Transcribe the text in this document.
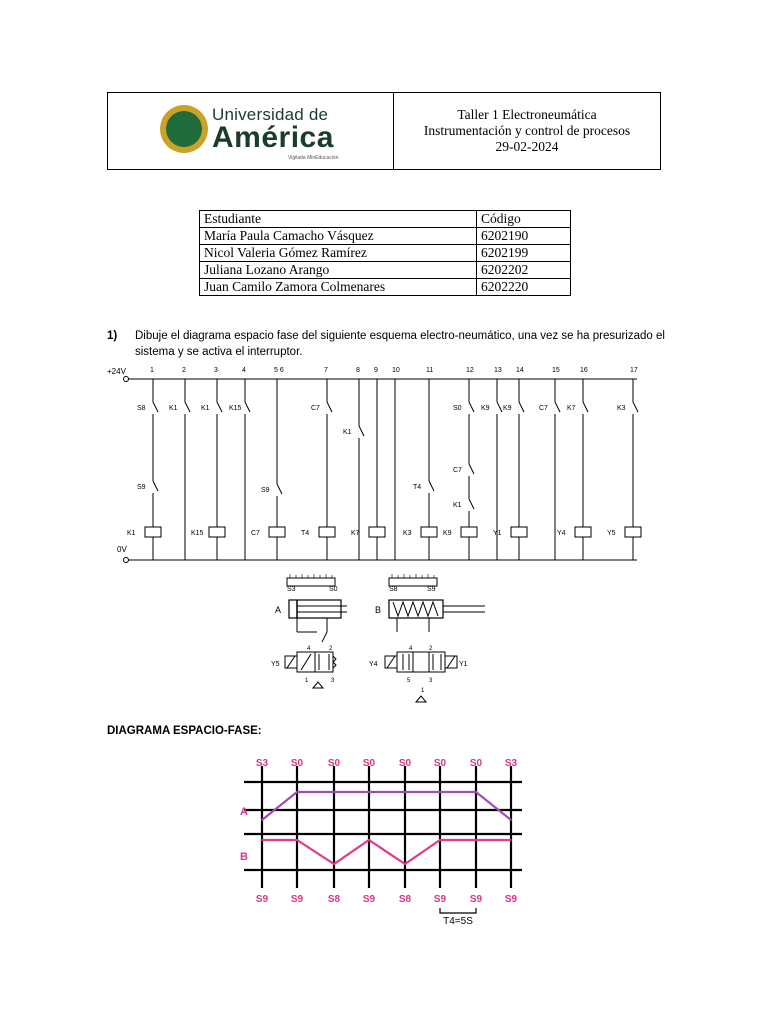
Universidad de
América
Vigilada MinEducación
Taller 1 Electroneumática
Instrumentación y control de procesos
29-02-2024
Estudiante	Código
María Paula Camacho Vásquez	6202190
Nicol Valeria Gómez Ramírez	6202199
Juliana Lozano Arango	6202202
Juan Camilo Zamora Colmenares	6202220
1) Dibuje el diagrama espacio fase del siguiente esquema electro-neumático, una vez se ha presurizado el sistema y se activa el interruptor.
+24V
0V
1	2	3	4	5 6	7	8 9 10	11	12	13 14	15	16	17
S8	K1	K1	K15	C7
K1
S0	K9 K9	C7	K7	K3
S9	S9	T4
C7
K1
K1	K15	C7	T4	K7	K3	K9	Y1	Y4	Y5
S3	S0
A
Y5
4	2
1	3
S8	S9
B
Y4	Y1
4	2
5	3
1
DIAGRAMA ESPACIO-FASE:
S3 S0 S0 S0 S0 S0 S0 S3
S9 S9 S8 S9 S8 S9 S9 S9
A
B
T4=5S
